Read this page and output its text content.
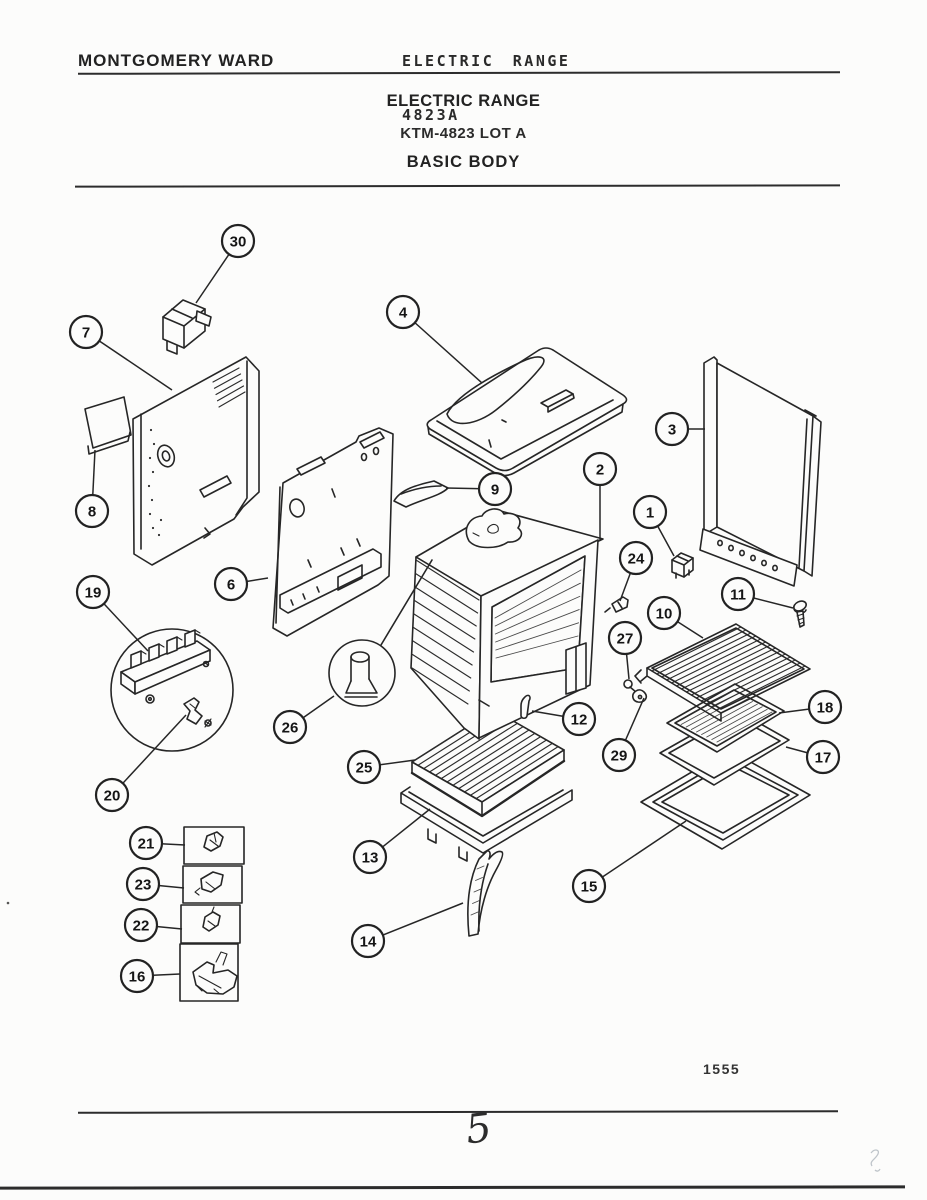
ELECTRIC RANGE

4823A

MONTGOMERY WARD
ELECTRIC RANGE
KTM-4823 LOT A
BASIC BODY
30
7
8
4
9
3
6
2
1
24
11
10
19
26	12
27
29
25
13
14
15
18
17
20
21
23
22
16
1555
5
